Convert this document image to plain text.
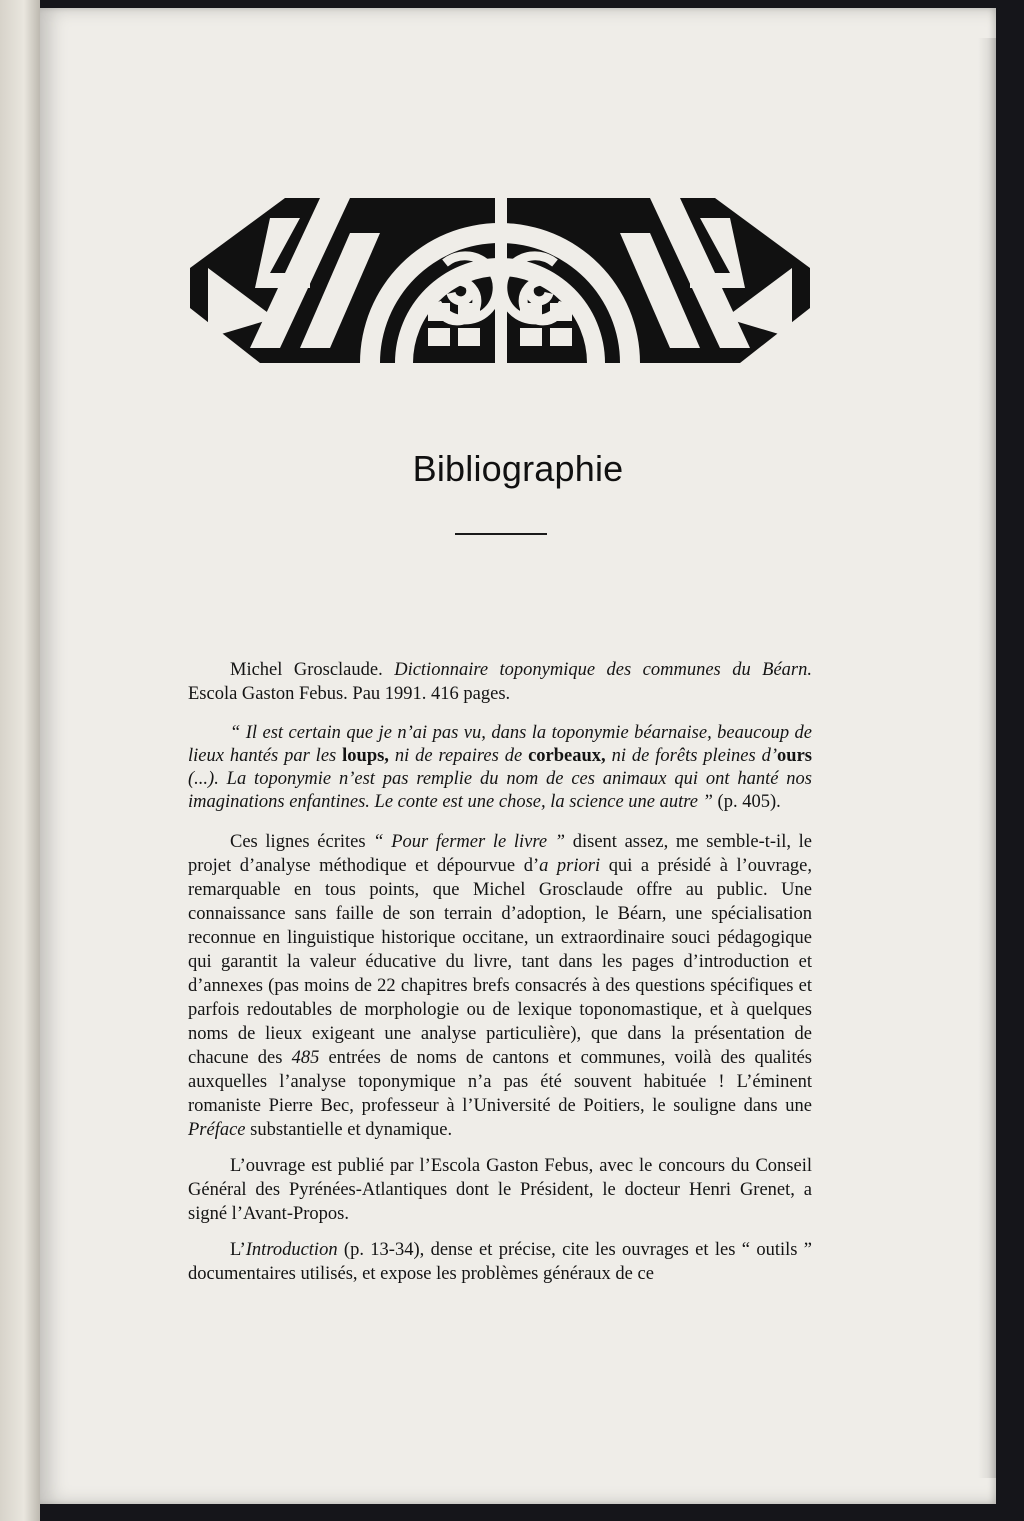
Bibliographie

Michel Grosclaude. Dictionnaire toponymique des communes du Béarn. Escola Gaston Febus. Pau 1991. 416 pages.

“ Il est certain que je n’ai pas vu, dans la toponymie béarnaise, beaucoup de lieux hantés par les loups, ni de repaires de corbeaux, ni de forêts pleines d’ours (...). La toponymie n’est pas remplie du nom de ces animaux qui ont hanté nos imaginations enfantines. Le conte est une chose, la science une autre ” (p. 405).

Ces lignes écrites “ Pour fermer le livre ” disent assez, me semble-t-il, le projet d’analyse méthodique et dépourvue d’a priori qui a présidé à l’ouvrage, remarquable en tous points, que Michel Grosclaude offre au public. Une connaissance sans faille de son terrain d’adoption, le Béarn, une spécialisation reconnue en linguistique historique occitane, un extraordinaire souci pédagogique qui garantit la valeur éducative du livre, tant dans les pages d’introduction et d’annexes (pas moins de 22 chapitres brefs consacrés à des questions spécifiques et parfois redoutables de morphologie ou de lexique toponomastique, et à quelques noms de lieux exigeant une analyse particulière), que dans la présentation de chacune des 485 entrées de noms de cantons et communes, voilà des qualités auxquelles l’analyse toponymique n’a pas été souvent habituée ! L’éminent romaniste Pierre Bec, professeur à l’Université de Poitiers, le souligne dans une Préface substantielle et dynamique.

L’ouvrage est publié par l’Escola Gaston Febus, avec le concours du Conseil Général des Pyrénées-Atlantiques dont le Président, le docteur Henri Grenet, a signé l’Avant-Propos.

L’Introduction (p. 13-34), dense et précise, cite les ouvrages et les “ outils ” documentaires utilisés, et expose les problèmes généraux de ce
